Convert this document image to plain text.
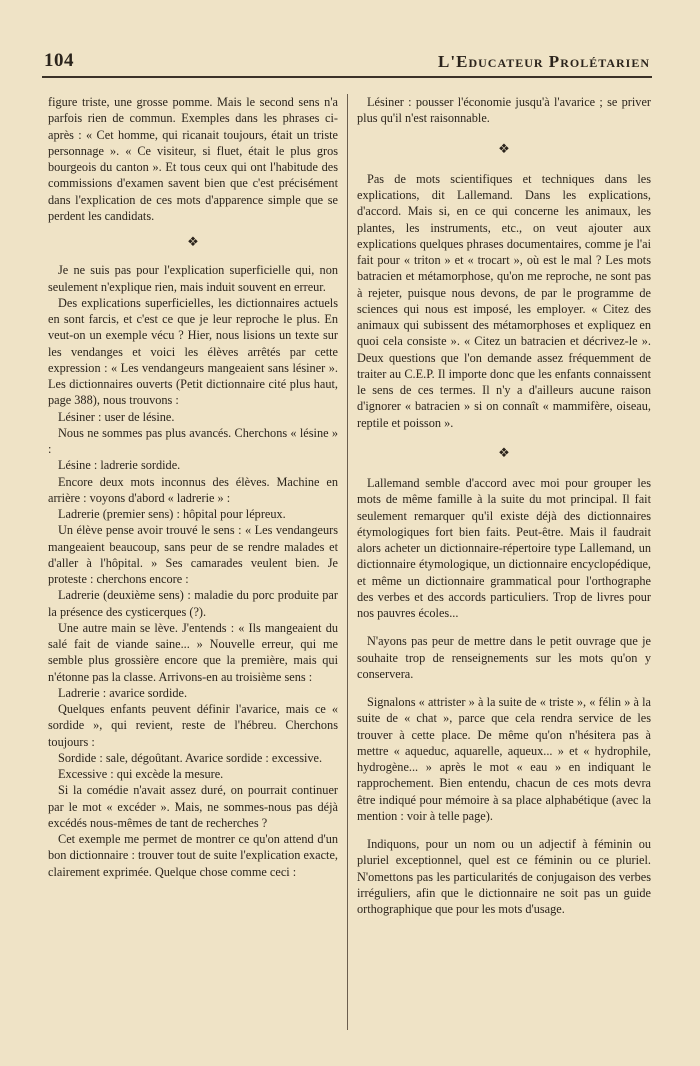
104	L'Educateur Prolétarien

figure triste, une grosse pomme. Mais le second sens n'a parfois rien de commun. Exemples dans les phrases ci-après : « Cet homme, qui ricanait toujours, était un triste personnage ». « Ce visiteur, si fluet, était le plus gros bourgeois du canton ». Et tous ceux qui ont l'habitude des commissions d'examen savent bien que c'est précisément dans l'explication de ces mots d'apparence simple que se perdent les candidats.

❖

Je ne suis pas pour l'explication superficielle qui, non seulement n'explique rien, mais induit souvent en erreur.

Des explications superficielles, les dictionnaires actuels en sont farcis, et c'est ce que je leur reproche le plus. En veut-on un exemple vécu ? Hier, nous lisions un texte sur les vendanges et voici les élèves arrêtés par cette expression : « Les vendangeurs mangeaient sans lésiner ». Les dictionnaires ouverts (Petit dictionnaire cité plus haut, page 388), nous trouvons :

Lésiner : user de lésine.

Nous ne sommes pas plus avancés. Cherchons « lésine » :

Lésine : ladrerie sordide.

Encore deux mots inconnus des élèves. Machine en arrière : voyons d'abord « ladrerie » :

Ladrerie (premier sens) : hôpital pour lépreux.

Un élève pense avoir trouvé le sens : « Les vendangeurs mangeaient beaucoup, sans peur de se rendre malades et d'aller à l'hôpital. » Ses camarades veulent bien. Je proteste : cherchons encore :

Ladrerie (deuxième sens) : maladie du porc produite par la présence des cysticerques (?).

Une autre main se lève. J'entends : « Ils mangeaient du salé fait de viande saine... » Nouvelle erreur, qui me semble plus grossière encore que la première, mais qui n'étonne pas la classe. Arrivons-en au troisième sens :

Ladrerie : avarice sordide.

Quelques enfants peuvent définir l'avarice, mais ce « sordide », qui revient, reste de l'hébreu. Cherchons toujours :

Sordide : sale, dégoûtant. Avarice sordide : excessive.

Excessive : qui excède la mesure.

Si la comédie n'avait assez duré, on pourrait continuer par le mot « excéder ». Mais, ne sommes-nous pas déjà excédés nous-mêmes de tant de recherches ?

Cet exemple me permet de montrer ce qu'on attend d'un bon dictionnaire : trouver tout de suite l'explication exacte, clairement exprimée. Quelque chose comme ceci :

Lésiner : pousser l'économie jusqu'à l'avarice ; se priver plus qu'il n'est raisonnable.

❖

Pas de mots scientifiques et techniques dans les explications, dit Lallemand. Dans les explications, d'accord. Mais si, en ce qui concerne les animaux, les plantes, les instruments, etc., on veut ajouter aux explications quelques phrases documentaires, comme je l'ai fait pour « triton » et « trocart », où est le mal ? Les mots batracien et métamorphose, qu'on me reproche, ne sont pas à rejeter, puisque nous devons, de par le programme de sciences qui nous est imposé, les employer. « Citez des animaux qui subissent des métamorphoses et expliquez en quoi cela consiste ». « Citez un batracien et décrivez-le ». Deux questions que l'on demande assez fréquemment de traiter au C.E.P. Il importe donc que les enfants connaissent le sens de ces termes. Il n'y a d'ailleurs aucune raison d'ignorer « batracien » si on connaît « mammifère, oiseau, reptile et poisson ».

❖

Lallemand semble d'accord avec moi pour grouper les mots de même famille à la suite du mot principal. Il fait seulement remarquer qu'il existe déjà des dictionnaires étymologiques fort bien faits. Peut-être. Mais il faudrait alors acheter un dictionnaire-répertoire type Lallemand, un dictionnaire étymologique, un dictionnaire encyclopédique, et même un dictionnaire grammatical pour l'orthographe des verbes et des accords particuliers. Trop de livres pour nos pauvres écoles...

N'ayons pas peur de mettre dans le petit ouvrage que je souhaite trop de renseignements sur les mots qu'on y conservera.

Signalons « attrister » à la suite de « triste », « félin » à la suite de « chat », parce que cela rendra service de les trouver à cette place. De même qu'on n'hésitera pas à mettre « aqueduc, aquarelle, aqueux... » et « hydrophile, hydrogène... » après le mot « eau » en indiquant le rapprochement. Bien entendu, chacun de ces mots devra être indiqué pour mémoire à sa place alphabétique (avec la mention : voir à telle page).

Indiquons, pour un nom ou un adjectif à féminin ou pluriel exceptionnel, quel est ce féminin ou ce pluriel. N'omettons pas les particularités de conjugaison des verbes irréguliers, afin que le dictionnaire ne soit pas un guide orthographique que pour les mots d'usage.
